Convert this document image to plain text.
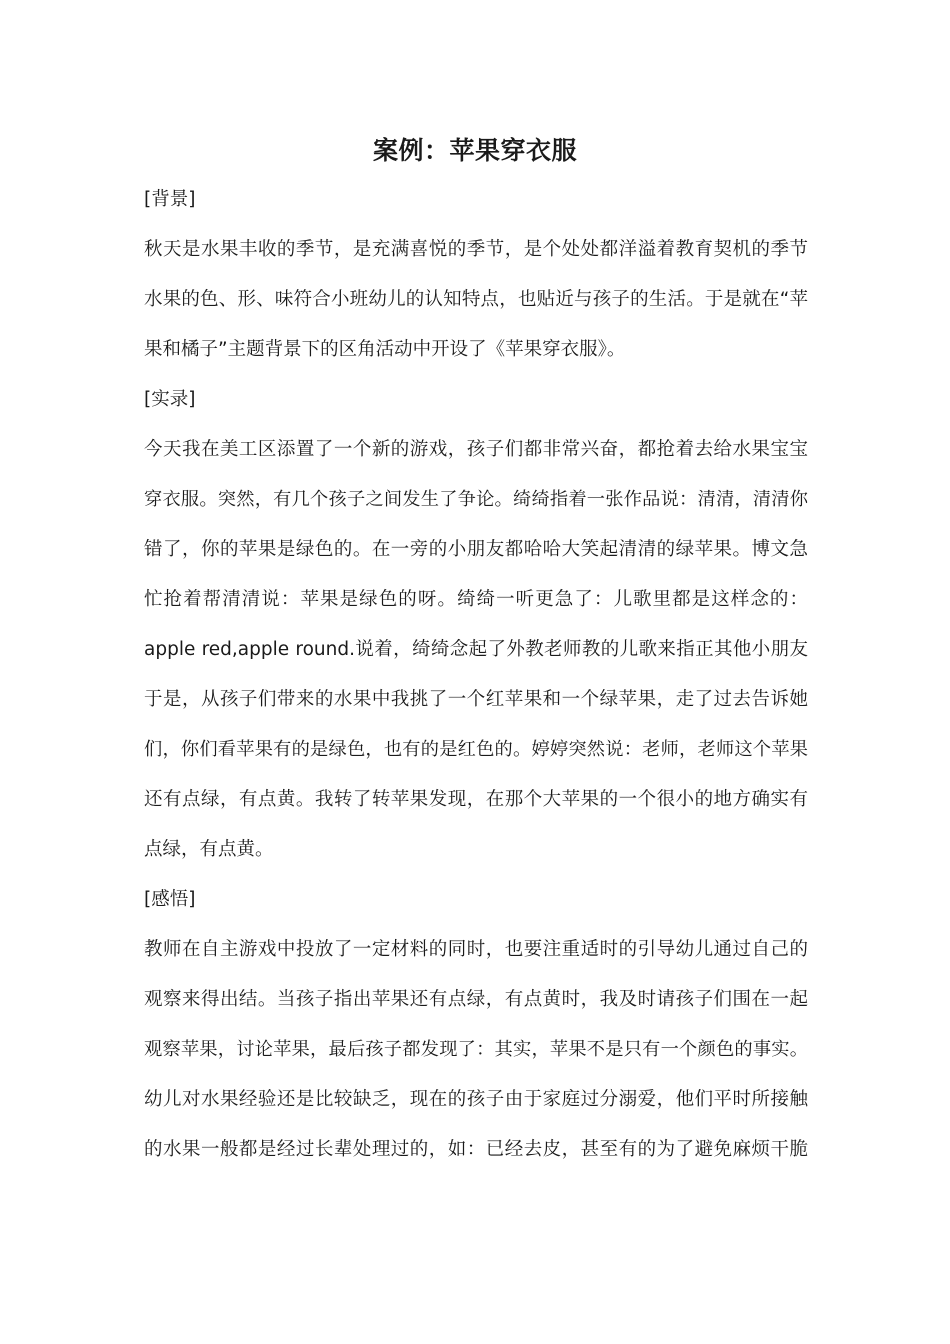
案例：苹果穿衣服
[背景]
秋天是水果丰收的季节，是充满喜悦的季节，是个处处都洋溢着教育契机的季节
水果的色、形、味符合小班幼儿的认知特点，也贴近与孩子的生活。于是就在“苹
果和橘子”主题背景下的区角活动中开设了《苹果穿衣服》。
[实录]
今天我在美工区添置了一个新的游戏，孩子们都非常兴奋，都抢着去给水果宝宝
穿衣服。突然，有几个孩子之间发生了争论。绮绮指着一张作品说：清清，清清你
错了，你的苹果是绿色的。在一旁的小朋友都哈哈大笑起清清的绿苹果。博文急
忙抢着帮清清说：苹果是绿色的呀。绮绮一听更急了：儿歌里都是这样念的：
apple red,apple round.说着，绮绮念起了外教老师教的儿歌来指正其他小朋友
于是，从孩子们带来的水果中我挑了一个红苹果和一个绿苹果，走了过去告诉她
们，你们看苹果有的是绿色，也有的是红色的。婷婷突然说：老师，老师这个苹果
还有点绿，有点黄。我转了转苹果发现，在那个大苹果的一个很小的地方确实有
点绿，有点黄。
[感悟]
教师在自主游戏中投放了一定材料的同时，也要注重适时的引导幼儿通过自己的
观察来得出结。当孩子指出苹果还有点绿，有点黄时，我及时请孩子们围在一起
观察苹果，讨论苹果，最后孩子都发现了：其实，苹果不是只有一个颜色的事实。
幼儿对水果经验还是比较缺乏，现在的孩子由于家庭过分溺爱，他们平时所接触
的水果一般都是经过长辈处理过的，如：已经去皮，甚至有的为了避免麻烦干脆
